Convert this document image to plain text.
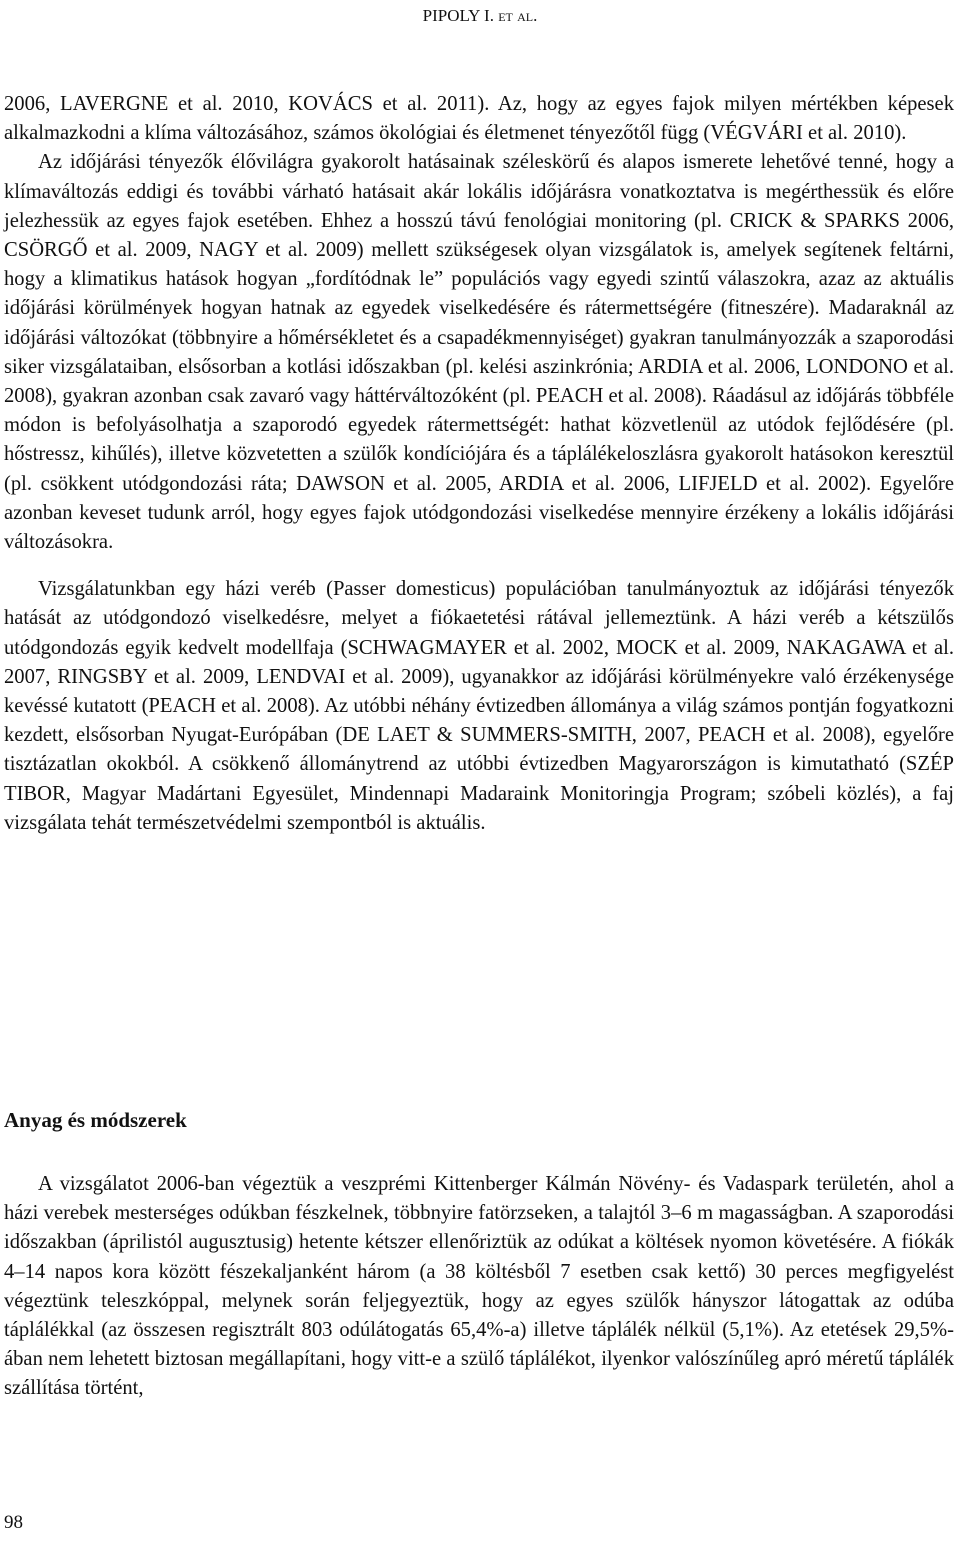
PIPOLY I. et al.

2006, LAVERGNE et al. 2010, KOVÁCS et al. 2011). Az, hogy az egyes fajok milyen mértékben képesek alkalmazkodni a klíma változásához, számos ökológiai és életmenet tényezőtől függ (VÉGVÁRI et al. 2010).

Az időjárási tényezők élővilágra gyakorolt hatásainak széleskörű és alapos ismerete lehetővé tenné, hogy a klímaváltozás eddigi és további várható hatásait akár lokális időjárásra vonatkoztatva is megérthessük és előre jelezhessük az egyes fajok esetében. Ehhez a hosszú távú fenológiai monitoring (pl. CRICK & SPARKS 2006, CSÖRGŐ et al. 2009, NAGY et al. 2009) mellett szükségesek olyan vizsgálatok is, amelyek segítenek feltárni, hogy a klimatikus hatások hogyan „fordítódnak le” populációs vagy egyedi szintű válaszokra, azaz az aktuális időjárási körülmények hogyan hatnak az egyedek viselkedésére és rátermettségére (fitneszére). Madaraknál az időjárási változókat (többnyire a hőmérsékletet és a csapadékmennyiséget) gyakran tanulmányozzák a szaporodási siker vizsgálataiban, elsősorban a kotlási időszakban (pl. kelési aszinkrónia; ARDIA et al. 2006, LONDONO et al. 2008), gyakran azonban csak zavaró vagy háttérváltozóként (pl. PEACH et al. 2008). Ráadásul az időjárás többféle módon is befolyásolhatja a szaporodó egyedek rátermettségét: hathat közvetlenül az utódok fejlődésére (pl. hőstressz, kihűlés), illetve közvetetten a szülők kondíciójára és a táplálékeloszlásra gyakorolt hatásokon keresztül (pl. csökkent utódgondozási ráta; DAWSON et al. 2005, ARDIA et al. 2006, LIFJELD et al. 2002). Egyelőre azonban keveset tudunk arról, hogy egyes fajok utódgondozási viselkedése mennyire érzékeny a lokális időjárási változásokra.

Vizsgálatunkban egy házi veréb (Passer domesticus) populációban tanulmányoztuk az időjárási tényezők hatását az utódgondozó viselkedésre, melyet a fiókaetetési rátával jellemeztünk. A házi veréb a kétszülős utódgondozás egyik kedvelt modellfaja (SCHWAGMAYER et al. 2002, MOCK et al. 2009, NAKAGAWA et al. 2007, RINGSBY et al. 2009, LENDVAI et al. 2009), ugyanakkor az időjárási körülményekre való érzékenysége kevéssé kutatott (PEACH et al. 2008). Az utóbbi néhány évtizedben állománya a világ számos pontján fogyatkozni kezdett, elsősorban Nyugat-Európában (DE LAET & SUMMERS-SMITH, 2007, PEACH et al. 2008), egyelőre tisztázatlan okokból. A csökkenő állománytrend az utóbbi évtizedben Magyarországon is kimutatható (SZÉP TIBOR, Magyar Madártani Egyesület, Mindennapi Madaraink Monitoringja Program; szóbeli közlés), a faj vizsgálata tehát természetvédelmi szempontból is aktuális.

Anyag és módszerek

A vizsgálatot 2006-ban végeztük a veszprémi Kittenberger Kálmán Növény- és Vadaspark területén, ahol a házi verebek mesterséges odúkban fészkelnek, többnyire fatörzseken, a talajtól 3–6 m magasságban. A szaporodási időszakban (áprilistól augusztusig) hetente kétszer ellenőriztük az odúkat a költések nyomon követésére. A fiókák 4–14 napos kora között fészekaljanként három (a 38 költésből 7 esetben csak kettő) 30 perces megfigyelést végeztünk teleszkóppal, melynek során feljegyeztük, hogy az egyes szülők hányszor látogattak az odúba táplálékkal (az összesen regisztrált 803 odúlátogatás 65,4%-a) illetve táplálék nélkül (5,1%). Az etetések 29,5%-ában nem lehetett biztosan megállapítani, hogy vitt-e a szülő táplálékot, ilyenkor valószínűleg apró méretű táplálék szállítása történt,

98
